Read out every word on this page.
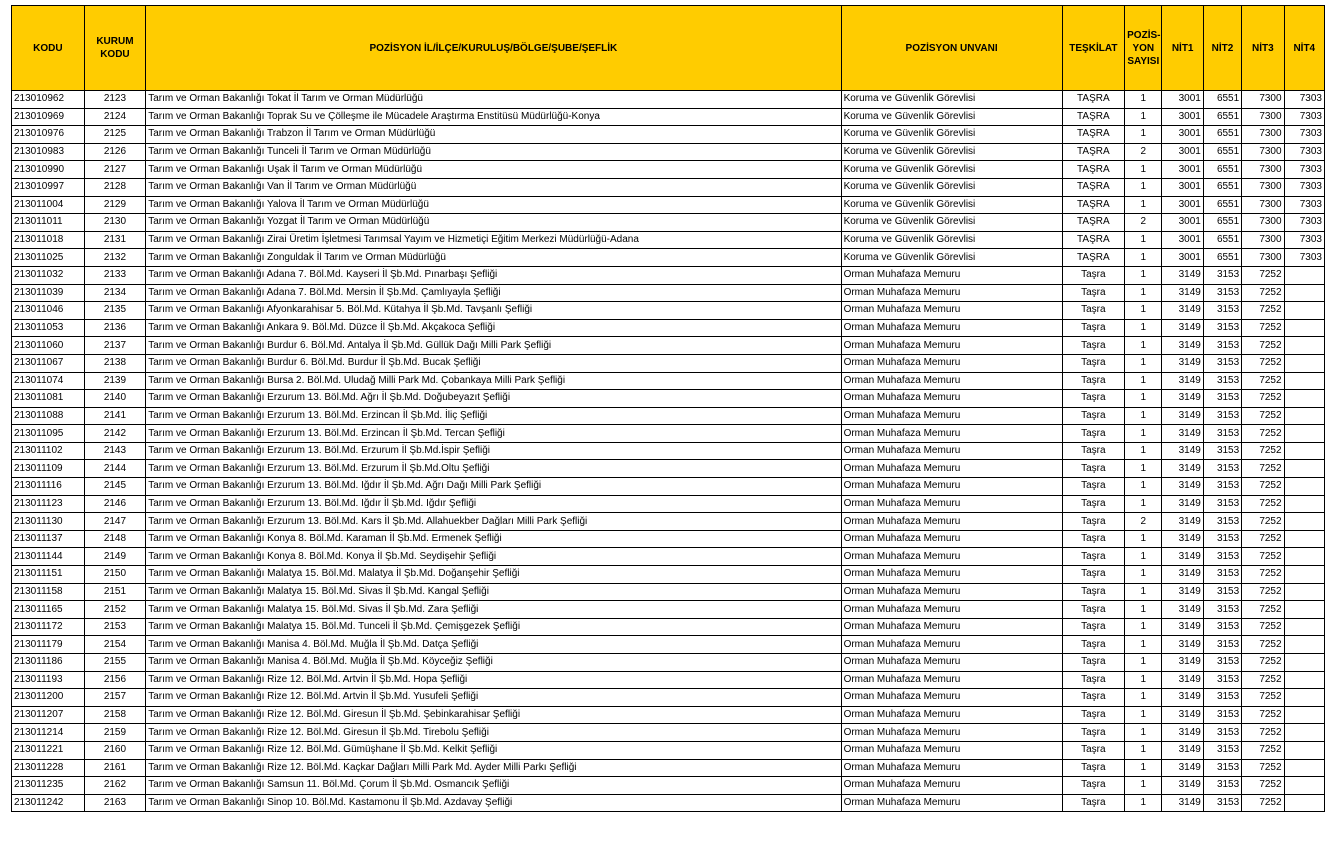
KODU	KURUM KODU	POZİSYON İL/İLÇE/KURULUŞ/BÖLGE/ŞUBE/ŞEFLİK	POZİSYON UNVANI	TEŞKİLAT	POZİS-YON SAYISI	NİT1	NİT2	NİT3	NİT4
213010962	2123	Tarım ve Orman Bakanlığı Tokat İl Tarım ve Orman Müdürlüğü	Koruma ve Güvenlik Görevlisi	TAŞRA	1	3001	6551	7300	7303
213010969	2124	Tarım ve Orman Bakanlığı Toprak Su ve Çölleşme ile Mücadele Araştırma Enstitüsü Müdürlüğü-Konya	Koruma ve Güvenlik Görevlisi	TAŞRA	1	3001	6551	7300	7303
213010976	2125	Tarım ve Orman Bakanlığı Trabzon İl Tarım ve Orman Müdürlüğü	Koruma ve Güvenlik Görevlisi	TAŞRA	1	3001	6551	7300	7303
213010983	2126	Tarım ve Orman Bakanlığı Tunceli İl Tarım ve Orman Müdürlüğü	Koruma ve Güvenlik Görevlisi	TAŞRA	2	3001	6551	7300	7303
213010990	2127	Tarım ve Orman Bakanlığı Uşak İl Tarım ve Orman Müdürlüğü	Koruma ve Güvenlik Görevlisi	TAŞRA	1	3001	6551	7300	7303
213010997	2128	Tarım ve Orman Bakanlığı Van İl Tarım ve Orman Müdürlüğü	Koruma ve Güvenlik Görevlisi	TAŞRA	1	3001	6551	7300	7303
213011004	2129	Tarım ve Orman Bakanlığı Yalova İl Tarım ve Orman Müdürlüğü	Koruma ve Güvenlik Görevlisi	TAŞRA	1	3001	6551	7300	7303
213011011	2130	Tarım ve Orman Bakanlığı Yozgat İl Tarım ve Orman Müdürlüğü	Koruma ve Güvenlik Görevlisi	TAŞRA	2	3001	6551	7300	7303
213011018	2131	Tarım ve Orman Bakanlığı Zirai Üretim İşletmesi Tarımsal Yayım ve Hizmetiçi Eğitim Merkezi Müdürlüğü-Adana	Koruma ve Güvenlik Görevlisi	TAŞRA	1	3001	6551	7300	7303
213011025	2132	Tarım ve Orman Bakanlığı Zonguldak İl Tarım ve Orman Müdürlüğü	Koruma ve Güvenlik Görevlisi	TAŞRA	1	3001	6551	7300	7303
213011032	2133	Tarım ve Orman Bakanlığı Adana 7. Böl.Md. Kayseri İl Şb.Md. Pınarbaşı Şefliği	Orman Muhafaza Memuru	Taşra	1	3149	3153	7252	
213011039	2134	Tarım ve Orman Bakanlığı Adana 7. Böl.Md. Mersin İl Şb.Md. Çamlıyayla Şefliği	Orman Muhafaza Memuru	Taşra	1	3149	3153	7252	
213011046	2135	Tarım ve Orman Bakanlığı Afyonkarahisar 5. Böl.Md. Kütahya İl Şb.Md. Tavşanlı Şefliği	Orman Muhafaza Memuru	Taşra	1	3149	3153	7252	
213011053	2136	Tarım ve Orman Bakanlığı Ankara 9. Böl.Md. Düzce İl Şb.Md. Akçakoca Şefliği	Orman Muhafaza Memuru	Taşra	1	3149	3153	7252	
213011060	2137	Tarım ve Orman Bakanlığı Burdur 6. Böl.Md. Antalya İl Şb.Md. Güllük Dağı Milli Park Şefliği	Orman Muhafaza Memuru	Taşra	1	3149	3153	7252	
213011067	2138	Tarım ve Orman Bakanlığı Burdur 6. Böl.Md. Burdur İl Şb.Md. Bucak Şefliği	Orman Muhafaza Memuru	Taşra	1	3149	3153	7252	
213011074	2139	Tarım ve Orman Bakanlığı Bursa 2. Böl.Md. Uludağ Milli Park Md. Çobankaya Milli Park Şefliği	Orman Muhafaza Memuru	Taşra	1	3149	3153	7252	
213011081	2140	Tarım ve Orman Bakanlığı Erzurum 13. Böl.Md. Ağrı İl Şb.Md. Doğubeyazıt Şefliği	Orman Muhafaza Memuru	Taşra	1	3149	3153	7252	
213011088	2141	Tarım ve Orman Bakanlığı Erzurum 13. Böl.Md. Erzincan İl Şb.Md. İliç Şefliği	Orman Muhafaza Memuru	Taşra	1	3149	3153	7252	
213011095	2142	Tarım ve Orman Bakanlığı Erzurum 13. Böl.Md. Erzincan İl Şb.Md. Tercan Şefliği	Orman Muhafaza Memuru	Taşra	1	3149	3153	7252	
213011102	2143	Tarım ve Orman Bakanlığı Erzurum 13. Böl.Md. Erzurum İl Şb.Md.İspir Şefliği	Orman Muhafaza Memuru	Taşra	1	3149	3153	7252	
213011109	2144	Tarım ve Orman Bakanlığı Erzurum 13. Böl.Md. Erzurum İl Şb.Md.Oltu Şefliği	Orman Muhafaza Memuru	Taşra	1	3149	3153	7252	
213011116	2145	Tarım ve Orman Bakanlığı Erzurum 13. Böl.Md. Iğdır İl Şb.Md. Ağrı Dağı Milli Park Şefliği	Orman Muhafaza Memuru	Taşra	1	3149	3153	7252	
213011123	2146	Tarım ve Orman Bakanlığı Erzurum 13. Böl.Md. Iğdır İl Şb.Md. Iğdır Şefliği	Orman Muhafaza Memuru	Taşra	1	3149	3153	7252	
213011130	2147	Tarım ve Orman Bakanlığı Erzurum 13. Böl.Md. Kars İl Şb.Md. Allahuekber Dağları Milli Park Şefliği	Orman Muhafaza Memuru	Taşra	2	3149	3153	7252	
213011137	2148	Tarım ve Orman Bakanlığı Konya 8. Böl.Md. Karaman İl Şb.Md. Ermenek Şefliği	Orman Muhafaza Memuru	Taşra	1	3149	3153	7252	
213011144	2149	Tarım ve Orman Bakanlığı Konya 8. Böl.Md. Konya İl Şb.Md. Seydişehir Şefliği	Orman Muhafaza Memuru	Taşra	1	3149	3153	7252	
213011151	2150	Tarım ve Orman Bakanlığı Malatya 15. Böl.Md. Malatya İl Şb.Md. Doğanşehir Şefliği	Orman Muhafaza Memuru	Taşra	1	3149	3153	7252	
213011158	2151	Tarım ve Orman Bakanlığı Malatya 15. Böl.Md. Sivas İl Şb.Md. Kangal Şefliği	Orman Muhafaza Memuru	Taşra	1	3149	3153	7252	
213011165	2152	Tarım ve Orman Bakanlığı Malatya 15. Böl.Md. Sivas İl Şb.Md. Zara Şefliği	Orman Muhafaza Memuru	Taşra	1	3149	3153	7252	
213011172	2153	Tarım ve Orman Bakanlığı Malatya 15. Böl.Md. Tunceli İl Şb.Md. Çemişgezek Şefliği	Orman Muhafaza Memuru	Taşra	1	3149	3153	7252	
213011179	2154	Tarım ve Orman Bakanlığı Manisa 4. Böl.Md. Muğla İl Şb.Md. Datça Şefliği	Orman Muhafaza Memuru	Taşra	1	3149	3153	7252	
213011186	2155	Tarım ve Orman Bakanlığı Manisa 4. Böl.Md. Muğla İl Şb.Md. Köyceğiz Şefliği	Orman Muhafaza Memuru	Taşra	1	3149	3153	7252	
213011193	2156	Tarım ve Orman Bakanlığı Rize 12. Böl.Md. Artvin İl Şb.Md. Hopa Şefliği	Orman Muhafaza Memuru	Taşra	1	3149	3153	7252	
213011200	2157	Tarım ve Orman Bakanlığı Rize 12. Böl.Md. Artvin İl Şb.Md. Yusufeli Şefliği	Orman Muhafaza Memuru	Taşra	1	3149	3153	7252	
213011207	2158	Tarım ve Orman Bakanlığı Rize 12. Böl.Md. Giresun İl Şb.Md. Şebinkarahisar Şefliği	Orman Muhafaza Memuru	Taşra	1	3149	3153	7252	
213011214	2159	Tarım ve Orman Bakanlığı Rize 12. Böl.Md. Giresun İl Şb.Md. Tirebolu Şefliği	Orman Muhafaza Memuru	Taşra	1	3149	3153	7252	
213011221	2160	Tarım ve Orman Bakanlığı Rize 12. Böl.Md. Gümüşhane İl Şb.Md. Kelkit Şefliği	Orman Muhafaza Memuru	Taşra	1	3149	3153	7252	
213011228	2161	Tarım ve Orman Bakanlığı Rize 12. Böl.Md. Kaçkar Dağları Milli Park Md. Ayder Milli Parkı Şefliği	Orman Muhafaza Memuru	Taşra	1	3149	3153	7252	
213011235	2162	Tarım ve Orman Bakanlığı Samsun 11. Böl.Md. Çorum İl Şb.Md. Osmancık Şefliği	Orman Muhafaza Memuru	Taşra	1	3149	3153	7252	
213011242	2163	Tarım ve Orman Bakanlığı Sinop 10. Böl.Md. Kastamonu İl Şb.Md. Azdavay Şefliği	Orman Muhafaza Memuru	Taşra	1	3149	3153	7252	
